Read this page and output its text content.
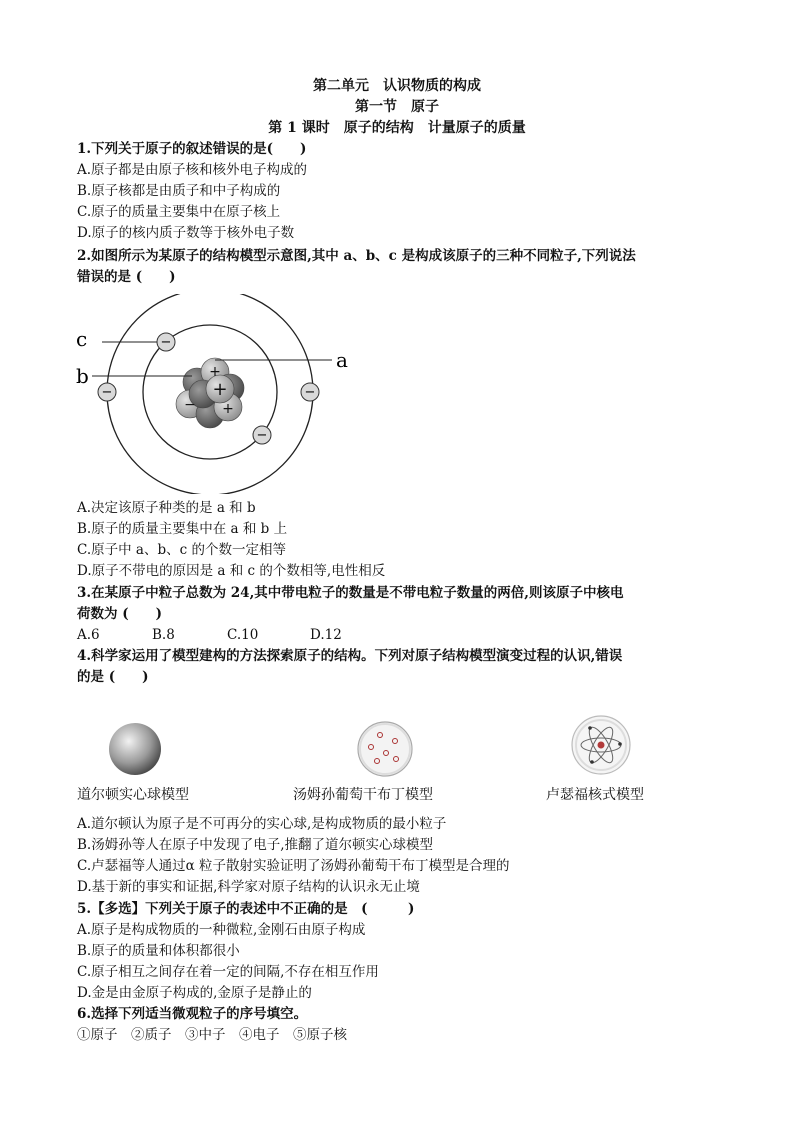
第二单元　认识物质的构成
第一节　原子
第 1 课时　原子的结构　计量原子的质量
1.下列关于原子的叙述错误的是(　　)
A.原子都是由原子核和核外电子构成的
B.原子核都是由质子和中子构成的
C.原子的质量主要集中在原子核上
D.原子的核内质子数等于核外电子数
2.如图所示为某原子的结构模型示意图,其中 a、b、c 是构成该原子的三种不同粒子,下列说法
错误的是 (　　)
+
+
+
−
−
−	−
−
c
b
a
A.决定该原子种类的是 a 和 b
B.原子的质量主要集中在 a 和 b 上
C.原子中 a、b、c 的个数一定相等
D.原子不带电的原因是 a 和 c 的个数相等,电性相反
3.在某原子中粒子总数为 24,其中带电粒子的数量是不带电粒子数量的两倍,则该原子中核电
荷数为 (　　)
A.6	B.8	C.10	D.12
4.科学家运用了模型建构的方法探索原子的结构。下列对原子结构模型演变过程的认识,错误
的是 (　　)
道尔顿实心球模型	汤姆孙葡萄干布丁模型	卢瑟福核式模型
A.道尔顿认为原子是不可再分的实心球,是构成物质的最小粒子
B.汤姆孙等人在原子中发现了电子,推翻了道尔顿实心球模型
C.卢瑟福等人通过α 粒子散射实验证明了汤姆孙葡萄干布丁模型是合理的
D.基于新的事实和证据,科学家对原子结构的认识永无止境
5.【多选】下列关于原子的表述中不正确的是　(　　　)
A.原子是构成物质的一种微粒,金刚石由原子构成
B.原子的质量和体积都很小
C.原子相互之间存在着一定的间隔,不存在相互作用
D.金是由金原子构成的,金原子是静止的
6.选择下列适当微观粒子的序号填空。
①原子　②质子　③中子　④电子　⑤原子核
